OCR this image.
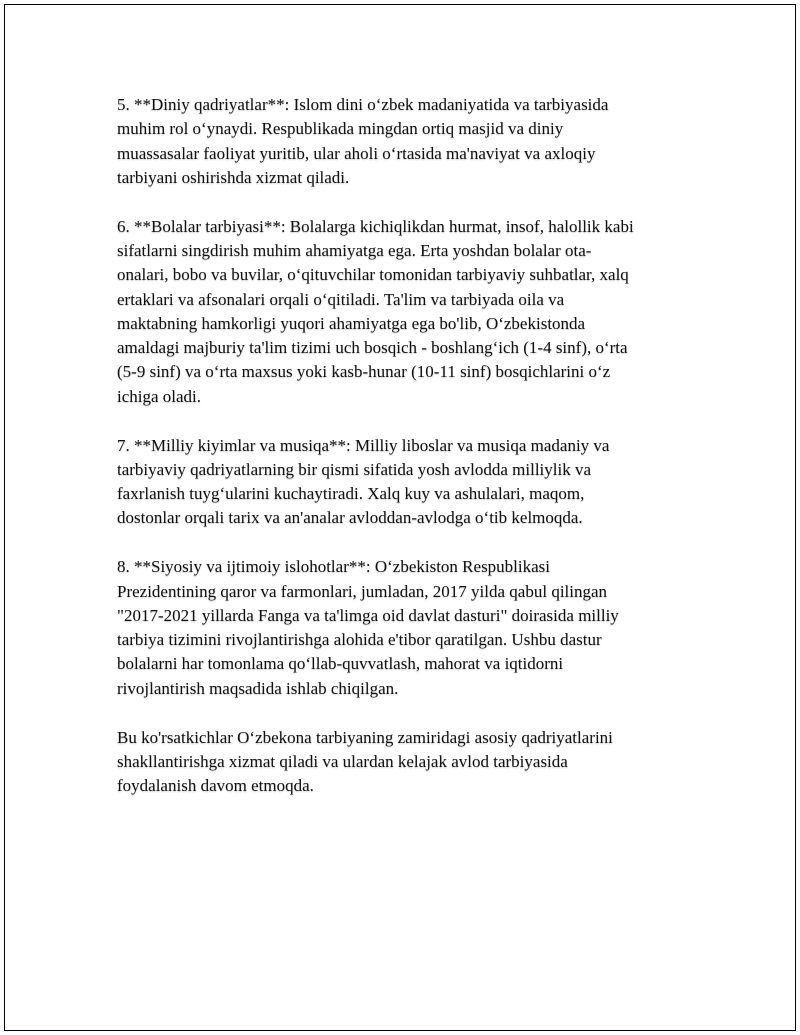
5. **Diniy qadriyatlar**: Islom dini o‘zbek madaniyatida va tarbiyasida
muhim rol o‘ynaydi. Respublikada mingdan ortiq masjid va diniy
muassasalar faoliyat yuritib, ular aholi o‘rtasida ma'naviyat va axloqiy
tarbiyani oshirishda xizmat qiladi.

6. **Bolalar tarbiyasi**: Bolalarga kichiqlikdan hurmat, insof, halollik kabi
sifatlarni singdirish muhim ahamiyatga ega. Erta yoshdan bolalar ota-
onalari, bobo va buvilar, o‘qituvchilar tomonidan tarbiyaviy suhbatlar, xalq
ertaklari va afsonalari orqali o‘qitiladi. Ta'lim va tarbiyada oila va
maktabning hamkorligi yuqori ahamiyatga ega bo'lib, O‘zbekistonda
amaldagi majburiy ta'lim tizimi uch bosqich - boshlang‘ich (1-4 sinf), o‘rta
(5-9 sinf) va o‘rta maxsus yoki kasb-hunar (10-11 sinf) bosqichlarini o‘z
ichiga oladi.

7. **Milliy kiyimlar va musiqa**: Milliy liboslar va musiqa madaniy va
tarbiyaviy qadriyatlarning bir qismi sifatida yosh avlodda milliylik va
faxrlanish tuyg‘ularini kuchaytiradi. Xalq kuy va ashulalari, maqom,
dostonlar orqali tarix va an'analar avloddan-avlodga o‘tib kelmoqda.

8. **Siyosiy va ijtimoiy islohotlar**: O‘zbekiston Respublikasi
Prezidentining qaror va farmonlari, jumladan, 2017 yilda qabul qilingan
"2017-2021 yillarda Fanga va ta'limga oid davlat dasturi" doirasida milliy
tarbiya tizimini rivojlantirishga alohida e'tibor qaratilgan. Ushbu dastur
bolalarni har tomonlama qo‘llab-quvvatlash, mahorat va iqtidorni
rivojlantirish maqsadida ishlab chiqilgan.

Bu ko'rsatkichlar O‘zbekona tarbiyaning zamiridagi asosiy qadriyatlarini
shakllantirishga xizmat qiladi va ulardan kelajak avlod tarbiyasida
foydalanish davom etmoqda.
